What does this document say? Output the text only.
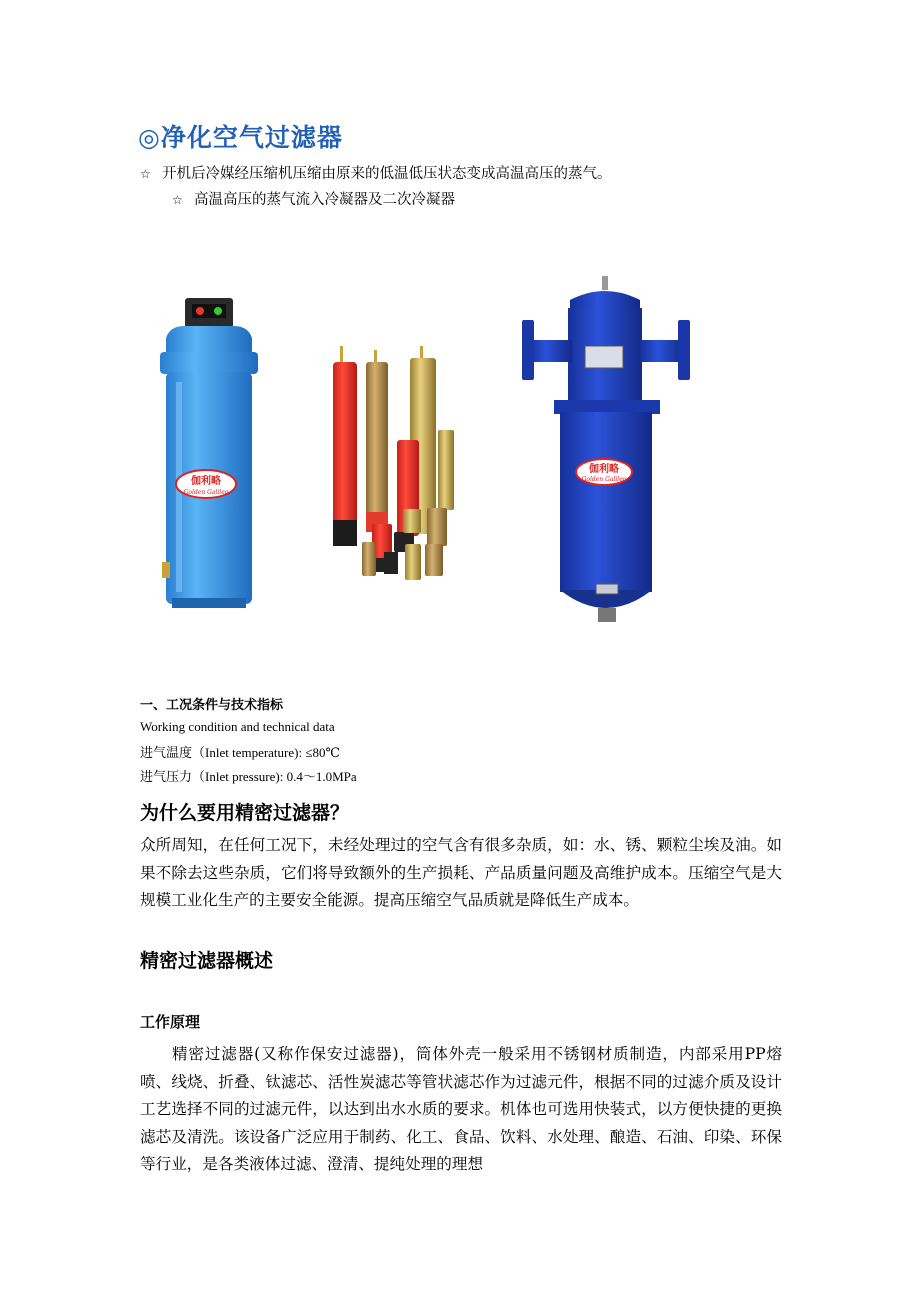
◎净化空气过滤器
☆ 开机后冷媒经压缩机压缩由原来的低温低压状态变成高温高压的蒸气。
☆ 高温高压的蒸气流入冷凝器及二次冷凝器
伽利略
Golden Galileo
伽利略
Golden Galileo
一、工况条件与技术指标
Working condition and technical data
进气温度（Inlet temperature): ≤80℃
进气压力（Inlet pressure): 0.4～1.0MPa
为什么要用精密过滤器？
众所周知，在任何工况下，未经处理过的空气含有很多杂质，如：水、锈、颗粒尘埃及油。如果不除去这些杂质，它们将导致额外的生产损耗、产品质量问题及高维护成本。压缩空气是大规模工业化生产的主要安全能源。提高压缩空气品质就是降低生产成本。
精密过滤器概述
工作原理
精密过滤器(又称作保安过滤器)，筒体外壳一般采用不锈钢材质制造，内部采用PP熔喷、线烧、折叠、钛滤芯、活性炭滤芯等管状滤芯作为过滤元件，根据不同的过滤介质及设计工艺选择不同的过滤元件，以达到出水水质的要求。机体也可选用快装式，以方便快捷的更换滤芯及清洗。该设备广泛应用于制药、化工、食品、饮料、水处理、酿造、石油、印染、环保等行业，是各类液体过滤、澄清、提纯处理的理想
